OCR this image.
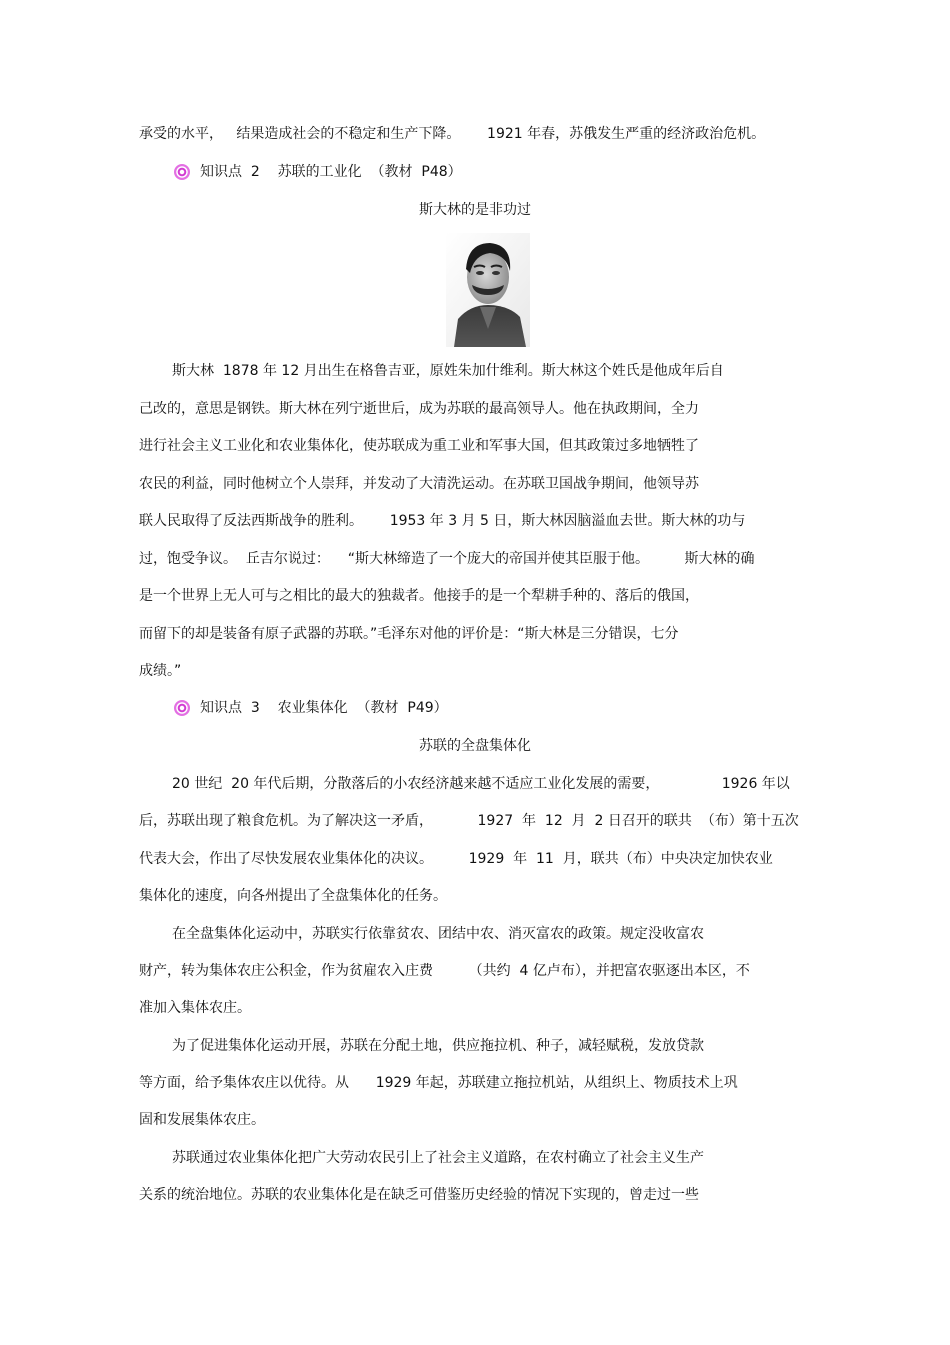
承受的水平，   结果造成社会的不稳定和生产下降。      1921 年春，苏俄发生严重的经济政治危机。
知识点  2    苏联的工业化  （教材  P48）
斯大林的是非功过
斯大林  1878 年 12 月出生在格鲁吉亚，原姓朱加什维利。斯大林这个姓氏是他成年后自
己改的，意思是钢铁。斯大林在列宁逝世后，成为苏联的最高领导人。他在执政期间，全力
进行社会主义工业化和农业集体化，使苏联成为重工业和军事大国，但其政策过多地牺牲了
农民的利益，同时他树立个人崇拜，并发动了大清洗运动。在苏联卫国战争期间，他领导苏
联人民取得了反法西斯战争的胜利。      1953 年 3 月 5 日，斯大林因脑溢血去世。斯大林的功与
过，饱受争议。  丘吉尔说过：    “斯大林缔造了一个庞大的帝国并使其臣服于他。        斯大林的确
是一个世界上无人可与之相比的最大的独裁者。他接手的是一个犁耕手种的、落后的俄国，
而留下的却是装备有原子武器的苏联。”毛泽东对他的评价是：“斯大林是三分错误，七分
成绩。”
知识点  3    农业集体化  （教材  P49）
苏联的全盘集体化
20 世纪  20 年代后期，分散落后的小农经济越来越不适应工业化发展的需要，              1926 年以
后，苏联出现了粮食危机。为了解决这一矛盾，          1927  年  12  月  2 日召开的联共  （布）第十五次
代表大会，作出了尽快发展农业集体化的决议。        1929  年  11  月，联共（布）中央决定加快农业
集体化的速度，向各州提出了全盘集体化的任务。
在全盘集体化运动中，苏联实行依靠贫农、团结中农、消灭富农的政策。规定没收富农
财产，转为集体农庄公积金，作为贫雇农入庄费        （共约  4 亿卢布），并把富农驱逐出本区，不
准加入集体农庄。
为了促进集体化运动开展，苏联在分配土地，供应拖拉机、种子，减轻赋税，发放贷款
等方面，给予集体农庄以优待。从      1929 年起，苏联建立拖拉机站，从组织上、物质技术上巩
固和发展集体农庄。
苏联通过农业集体化把广大劳动农民引上了社会主义道路，在农村确立了社会主义生产
关系的统治地位。苏联的农业集体化是在缺乏可借鉴历史经验的情况下实现的，曾走过一些
